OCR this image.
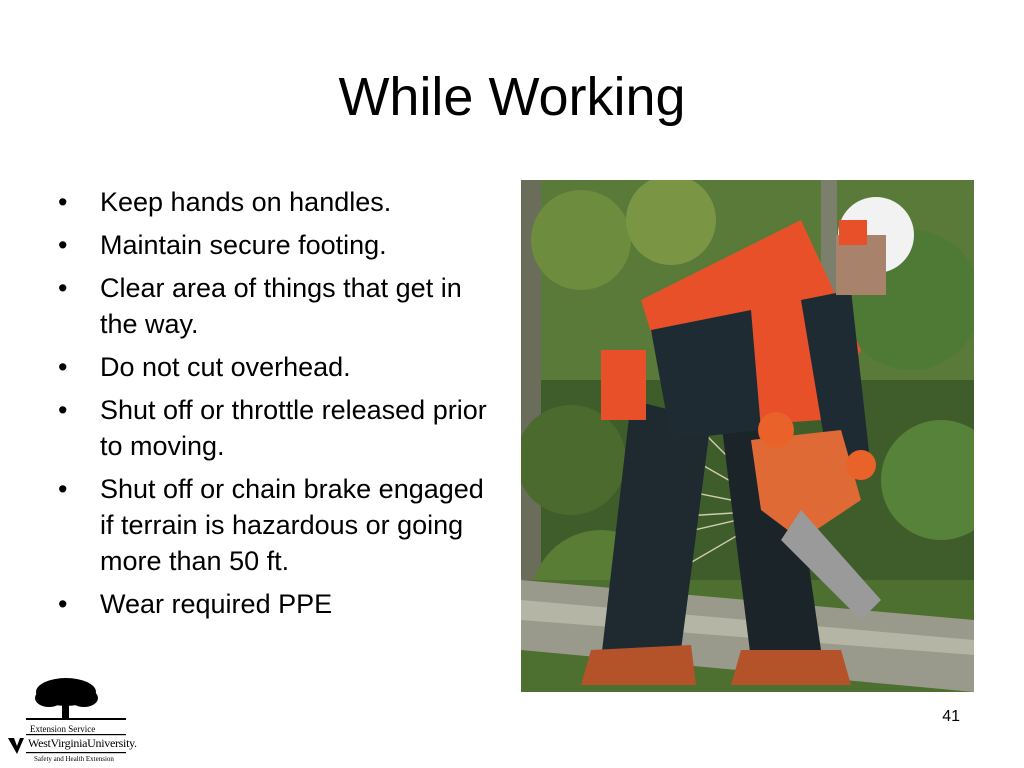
While Working
• Keep hands on handles.
• Maintain secure footing.
• Clear area of things that get in the way.
• Do not cut overhead.
• Shut off or throttle released prior to moving.
• Shut off or chain brake engaged if terrain is hazardous or going more than 50 ft.
• Wear required PPE
Extension Service
WestVirginiaUniversity.
Safety and Health Extension
41
